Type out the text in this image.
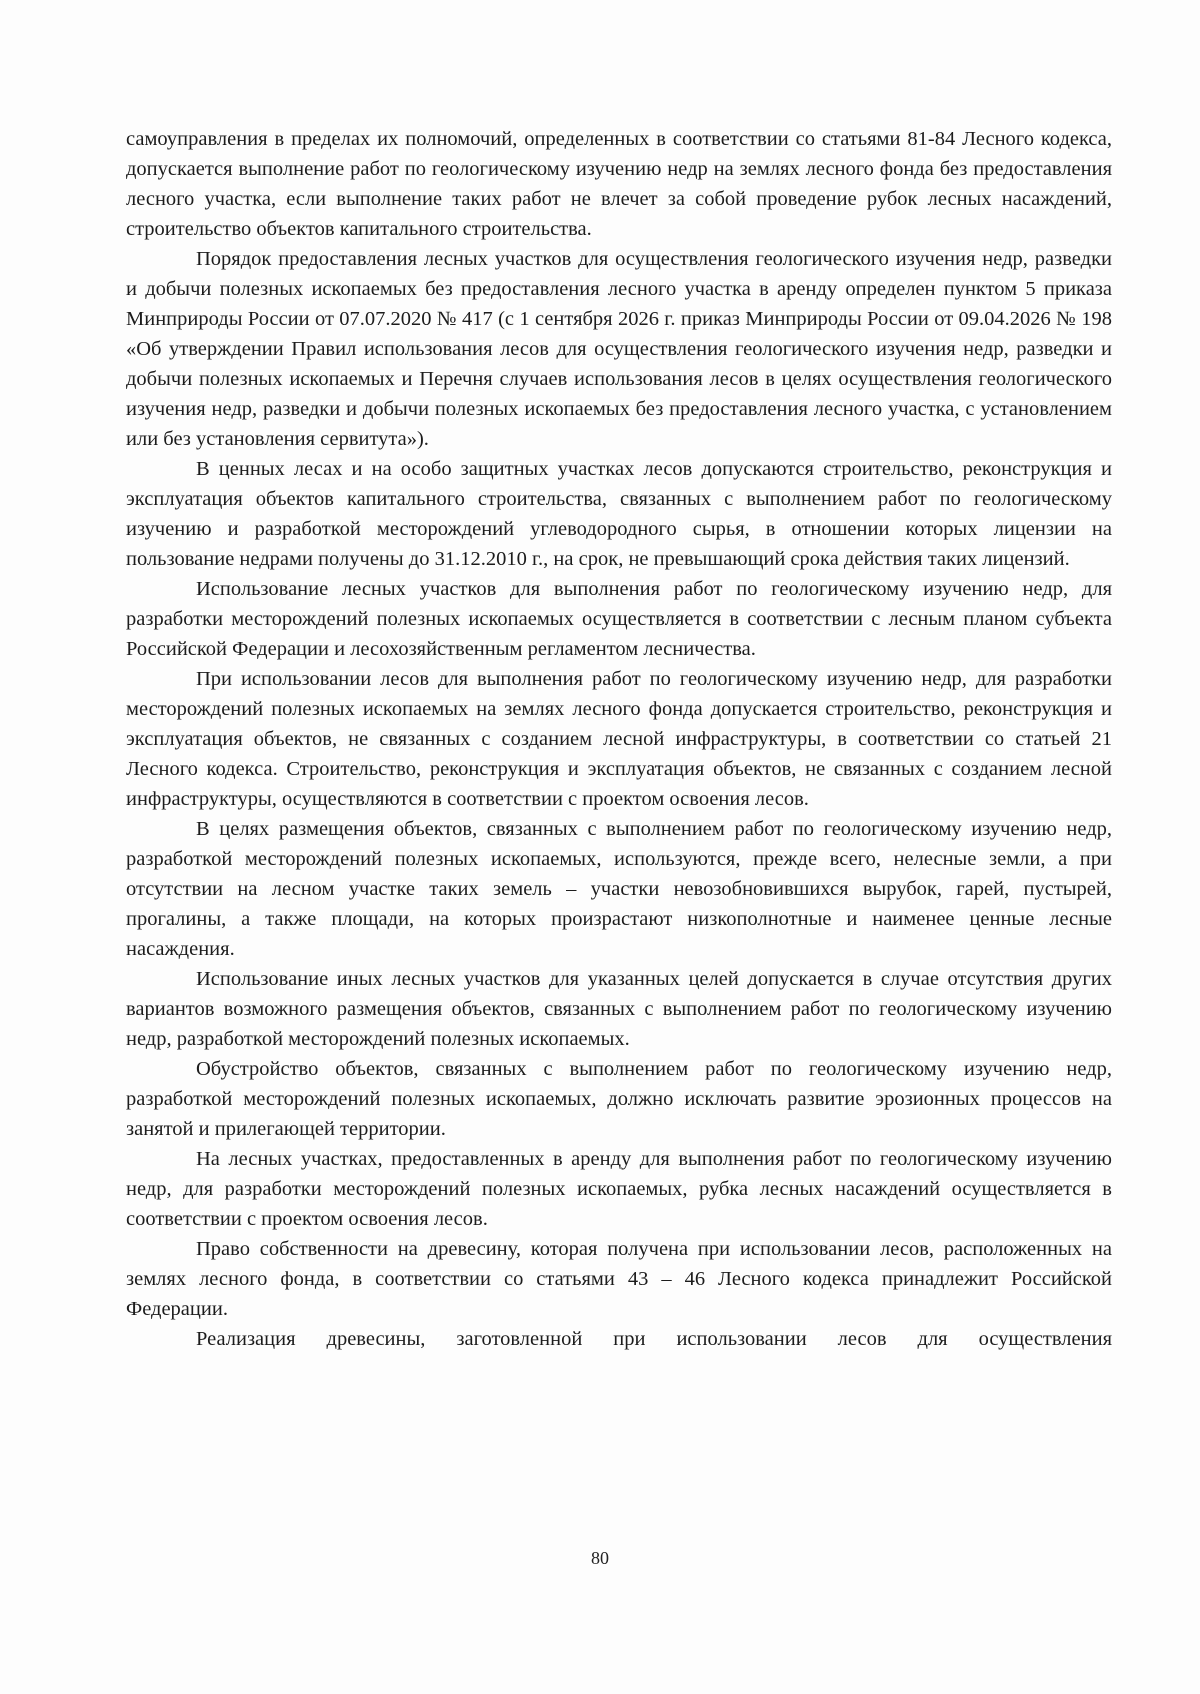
самоуправления в пределах их полномочий, определенных в соответствии со статьями 81-84 Лесного кодекса, допускается выполнение работ по геологическому изучению недр на землях лесного фонда без предоставления лесного участка, если выполнение таких работ не влечет за собой проведение рубок лесных насаждений, строительство объектов капитального строительства.

Порядок предоставления лесных участков для осуществления геологического изучения недр, разведки и добычи полезных ископаемых без предоставления лесного участка в аренду определен пунктом 5 приказа Минприроды России от 07.07.2020 № 417 (с 1 сентября 2026 г. приказ Минприроды России от 09.04.2026 № 198 «Об утверждении Правил использования лесов для осуществления геологического изучения недр, разведки и добычи полезных ископаемых и Перечня случаев использования лесов в целях осуществления геологического изучения недр, разведки и добычи полезных ископаемых без предоставления лесного участка, с установлением или без установления сервитута»).

В ценных лесах и на особо защитных участках лесов допускаются строительство, реконструкция и эксплуатация объектов капитального строительства, связанных с выполнением работ по геологическому изучению и разработкой месторождений углеводородного сырья, в отношении которых лицензии на пользование недрами получены до 31.12.2010 г., на срок, не превышающий срока действия таких лицензий.

Использование лесных участков для выполнения работ по геологическому изучению недр, для разработки месторождений полезных ископаемых осуществляется в соответствии с лесным планом субъекта Российской Федерации и лесохозяйственным регламентом лесничества.

При использовании лесов для выполнения работ по геологическому изучению недр, для разработки месторождений полезных ископаемых на землях лесного фонда допускается строительство, реконструкция и эксплуатация объектов, не связанных с созданием лесной инфраструктуры, в соответствии со статьей 21 Лесного кодекса. Строительство, реконструкция и эксплуатация объектов, не связанных с созданием лесной инфраструктуры, осуществляются в соответствии с проектом освоения лесов.

В целях размещения объектов, связанных с выполнением работ по геологическому изучению недр, разработкой месторождений полезных ископаемых, используются, прежде всего, нелесные земли, а при отсутствии на лесном участке таких земель – участки невозобновившихся вырубок, гарей, пустырей, прогалины, а также площади, на которых произрастают низкополнотные и наименее ценные лесные насаждения.

Использование иных лесных участков для указанных целей допускается в случае отсутствия других вариантов возможного размещения объектов, связанных с выполнением работ по геологическому изучению недр, разработкой месторождений полезных ископаемых.

Обустройство объектов, связанных с выполнением работ по геологическому изучению недр, разработкой месторождений полезных ископаемых, должно исключать развитие эрозионных процессов на занятой и прилегающей территории.

На лесных участках, предоставленных в аренду для выполнения работ по геологическому изучению недр, для разработки месторождений полезных ископаемых, рубка лесных насаждений осуществляется в соответствии с проектом освоения лесов.

Право собственности на древесину, которая получена при использовании лесов, расположенных на землях лесного фонда, в соответствии со статьями 43 – 46 Лесного кодекса принадлежит Российской Федерации.

Реализация древесины, заготовленной при использовании лесов для осуществления

80
